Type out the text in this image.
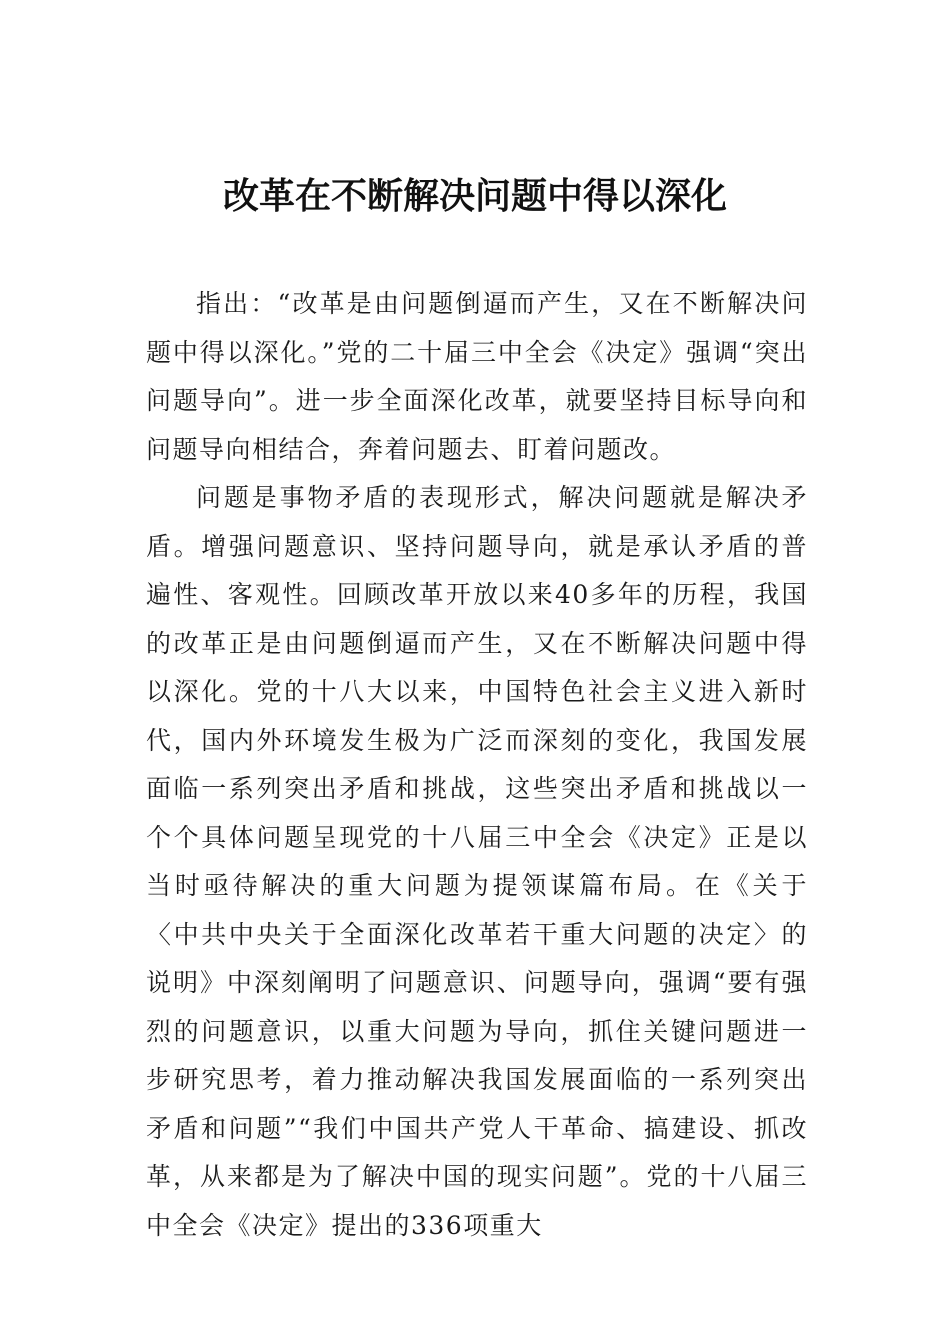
改革在不断解决问题中得以深化

指出：“改革是由问题倒逼而产生，又在不断解决问题中得以深化。”党的二十届三中全会《决定》强调“突出问题导向”。进一步全面深化改革，就要坚持目标导向和问题导向相结合，奔着问题去、盯着问题改。

问题是事物矛盾的表现形式，解决问题就是解决矛盾。增强问题意识、坚持问题导向，就是承认矛盾的普遍性、客观性。回顾改革开放以来40多年的历程，我国的改革正是由问题倒逼而产生，又在不断解决问题中得以深化。党的十八大以来，中国特色社会主义进入新时代，国内外环境发生极为广泛而深刻的变化，我国发展面临一系列突出矛盾和挑战，这些突出矛盾和挑战以一个个具体问题呈现党的十八届三中全会《决定》正是以当时亟待解决的重大问题为提领谋篇布局。在《关于〈中共中央关于全面深化改革若干重大问题的决定〉的说明》中深刻阐明了问题意识、问题导向，强调“要有强烈的问题意识，以重大问题为导向，抓住关键问题进一步研究思考，着力推动解决我国发展面临的一系列突出矛盾和问题”“我们中国共产党人干革命、搞建设、抓改革，从来都是为了解决中国的现实问题”。党的十八届三中全会《决定》提出的336项重大
